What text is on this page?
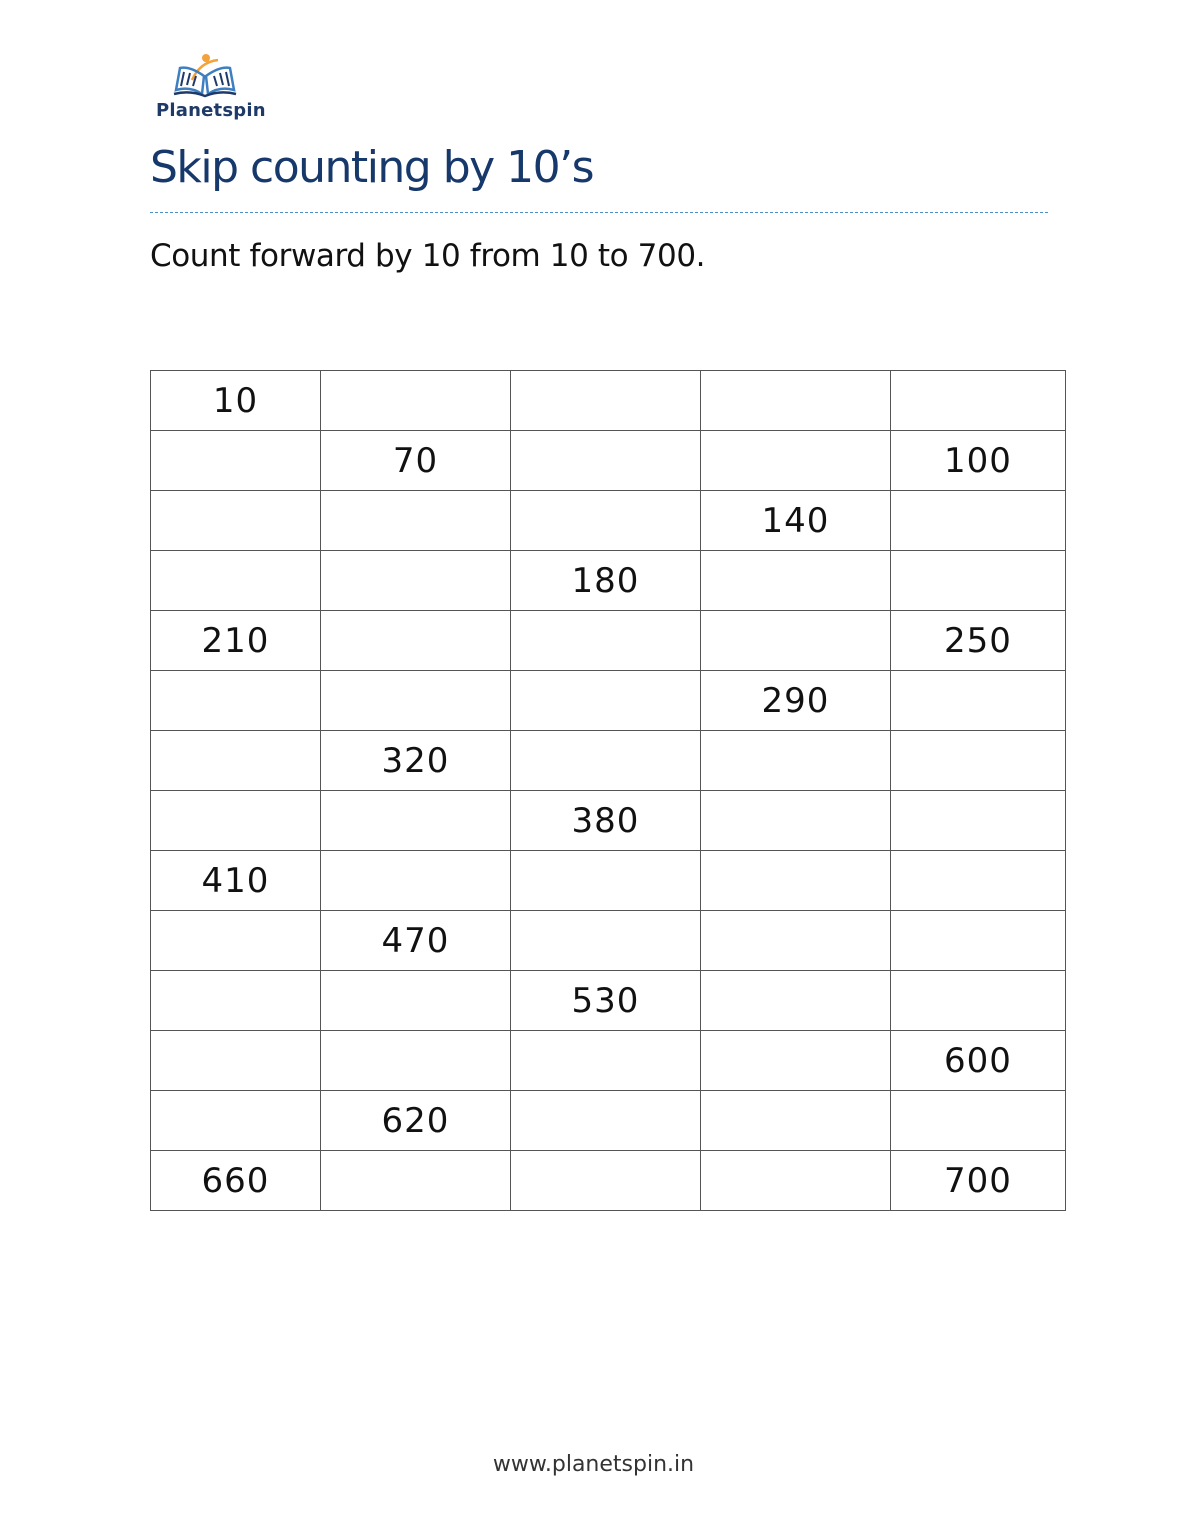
Planetspin
Skip counting by 10’s
Count forward by 10 from 10 to 700.
10				
	70			100
			140	
		180		
210				250
			290	
	320			
		380		
410				
	470			
		530		
				600
	620			
660				700
www.planetspin.in
